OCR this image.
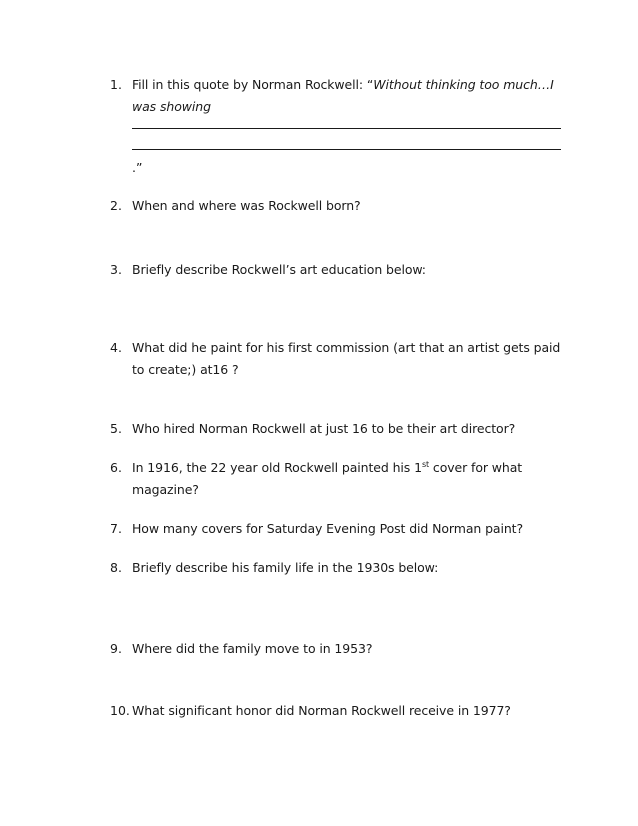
1. Fill in this quote by Norman Rockwell: “Without thinking too much…I was showing
.”
2. When and where was Rockwell born?
3. Briefly describe Rockwell’s art education below:
4. What did he paint for his first commission (art that an artist gets paid to create;) at16 ?
5. Who hired Norman Rockwell at just 16 to be their art director?
6. In 1916, the 22 year old Rockwell painted his 1st cover for what magazine?
7. How many covers for Saturday Evening Post did Norman paint?
8. Briefly describe his family life in the 1930s below:
9. Where did the family move to in 1953?
10. What significant honor did Norman Rockwell receive in 1977?
